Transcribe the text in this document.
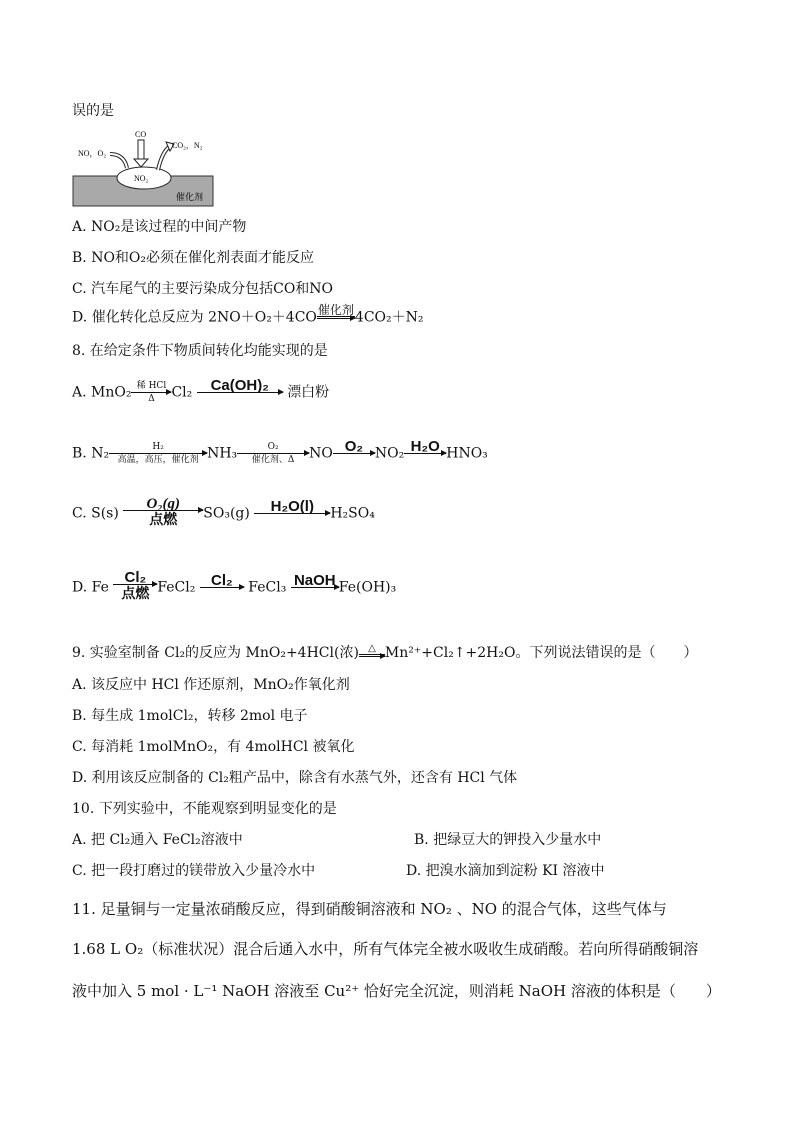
误的是
NO，O₂
CO
CO₂，N₂
NO₂
催化剂
A. NO₂是该过程的中间产物
B. NO和O₂必须在催化剂表面才能反应
C. 汽车尾气的主要污染成分包括CO和NO
D. 催化转化总反应为 2NO＋O₂＋4CO 催化剂
4CO₂＋N₂
8. 在给定条件下物质间转化均能实现的是
A. MnO₂ 稀 HCl
Δ	Cl₂	Ca(OH)₂
	漂白粉
B. N₂	H₂
高温，高压，催化剂 NH₃	O₂
催化剂、Δ	NO O₂
NO₂ H₂O
HNO₃
C. S(s)
O₂(g)
点燃	SO₃(g)	H₂O(l)
	H₂SO₄
D. Fe
Cl₂
点燃 FeCl₂	Cl₂
	FeCl₃ NaOH
Fe(OH)₃
9. 实验室制备 Cl₂的反应为 MnO₂+4HCl(浓) △ Mn²⁺+Cl₂↑+2H₂O。下列说法错误的是（　　）
A. 该反应中 HCl 作还原剂，MnO₂作氧化剂
B. 每生成 1molCl₂，转移 2mol 电子
C. 每消耗 1molMnO₂，有 4molHCl 被氧化
D. 利用该反应制备的 Cl₂粗产品中，除含有水蒸气外，还含有 HCl 气体
10. 下列实验中，不能观察到明显变化的是
A. 把 Cl₂通入 FeCl₂溶液中	B. 把绿豆大的钾投入少量水中
C. 把一段打磨过的镁带放入少量冷水中	D. 把溴水滴加到淀粉 KI 溶液中
11. 足量铜与一定量浓硝酸反应，得到硝酸铜溶液和 NO₂ 、NO 的混合气体，这些气体与
1.68 L O₂（标准状况）混合后通入水中，所有气体完全被水吸收生成硝酸。若向所得硝酸铜溶
液中加入 5 mol · L⁻¹ NaOH 溶液至 Cu²⁺ 恰好完全沉淀，则消耗 NaOH 溶液的体积是（　　）
